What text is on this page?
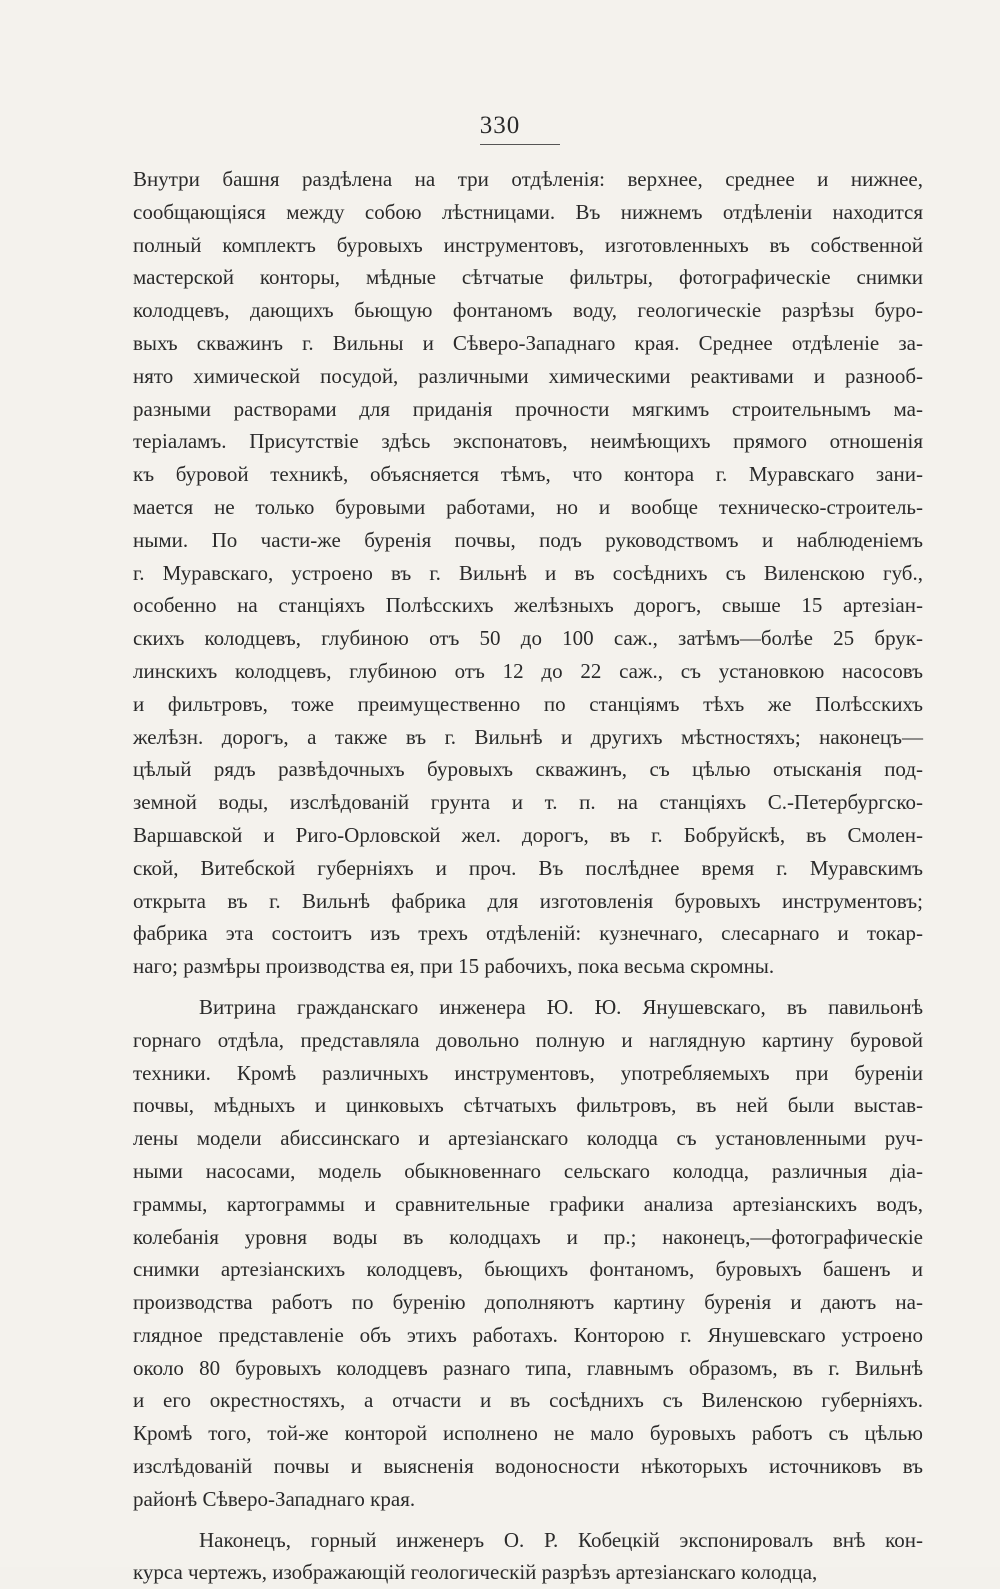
330
Внутри башня раздѣлена на три отдѣленія: верхнее, среднее и нижнее,
сообщающіяся между собою лѣстницами. Въ нижнемъ отдѣленіи находится
полный комплектъ буровыхъ инструментовъ, изготовленныхъ въ собственной
мастерской конторы, мѣдные сѣтчатые фильтры, фотографическіе снимки
колодцевъ, дающихъ бьющую фонтаномъ воду, геологическіе разрѣзы буро-
выхъ скважинъ г. Вильны и Сѣверо-Западнаго края. Среднее отдѣленіе за-
нято химической посудой, различными химическими реактивами и разнооб-
разными растворами для приданія прочности мягкимъ строительнымъ ма-
теріаламъ. Присутствіе здѣсь экспонатовъ, неимѣющихъ прямого отношенія
къ буровой техникѣ, объясняется тѣмъ, что контора г. Муравскаго зани-
мается не только буровыми работами, но и вообще техническо-строитель-
ными. По части-же буренія почвы, подъ руководствомъ и наблюденіемъ
г. Муравскаго, устроено въ г. Вильнѣ и въ сосѣднихъ съ Виленскою губ.,
особенно на станціяхъ Полѣсскихъ желѣзныхъ дорогъ, свыше 15 артезіан-
скихъ колодцевъ, глубиною отъ 50 до 100 саж., затѣмъ—болѣе 25 брук-
линскихъ колодцевъ, глубиною отъ 12 до 22 саж., съ установкою насосовъ
и фильтровъ, тоже преимущественно по станціямъ тѣхъ же Полѣсскихъ
желѣзн. дорогъ, а также въ г. Вильнѣ и другихъ мѣстностяхъ; наконецъ—
цѣлый рядъ развѣдочныхъ буровыхъ скважинъ, съ цѣлью отысканія под-
земной воды, изслѣдованій грунта и т. п. на станціяхъ С.-Петербургско-
Варшавской и Риго-Орловской жел. дорогъ, въ г. Бобруйскѣ, въ Смолен-
ской, Витебской губерніяхъ и проч. Въ послѣднее время г. Муравскимъ
открыта въ г. Вильнѣ фабрика для изготовленія буровыхъ инструментовъ;
фабрика эта состоитъ изъ трехъ отдѣленій: кузнечнаго, слесарнаго и токар-
наго; размѣры производства ея, при 15 рабочихъ, пока весьма скромны.
Витрина гражданскаго инженера Ю. Ю. Янушевскаго, въ павильонѣ
горнаго отдѣла, представляла довольно полную и наглядную картину буровой
техники. Кромѣ различныхъ инструментовъ, употребляемыхъ при буреніи
почвы, мѣдныхъ и цинковыхъ сѣтчатыхъ фильтровъ, въ ней были выстав-
лены модели абиссинскаго и артезіанскаго колодца съ установленными руч-
ными насосами, модель обыкновеннаго сельскаго колодца, различныя діа-
граммы, картограммы и сравнительные графики анализа артезіанскихъ водъ,
колебанія уровня воды въ колодцахъ и пр.; наконецъ,—фотографическіе
снимки артезіанскихъ колодцевъ, бьющихъ фонтаномъ, буровыхъ башенъ и
производства работъ по буренію дополняютъ картину буренія и даютъ на-
глядное представленіе объ этихъ работахъ. Конторою г. Янушевскаго устроено
около 80 буровыхъ колодцевъ разнаго типа, главнымъ образомъ, въ г. Вильнѣ
и его окрестностяхъ, а отчасти и въ сосѣднихъ съ Виленскою губерніяхъ.
Кромѣ того, той-же конторой исполнено не мало буровыхъ работъ съ цѣлью
изслѣдованій почвы и выясненія водоносности нѣкоторыхъ источниковъ въ
районѣ Сѣверо-Западнаго края.
Наконецъ, горный инженеръ О. Р. Кобецкій экспонировалъ внѣ кон-
курса чертежъ, изображающій геологическій разрѣзъ артезіанскаго колодца,
